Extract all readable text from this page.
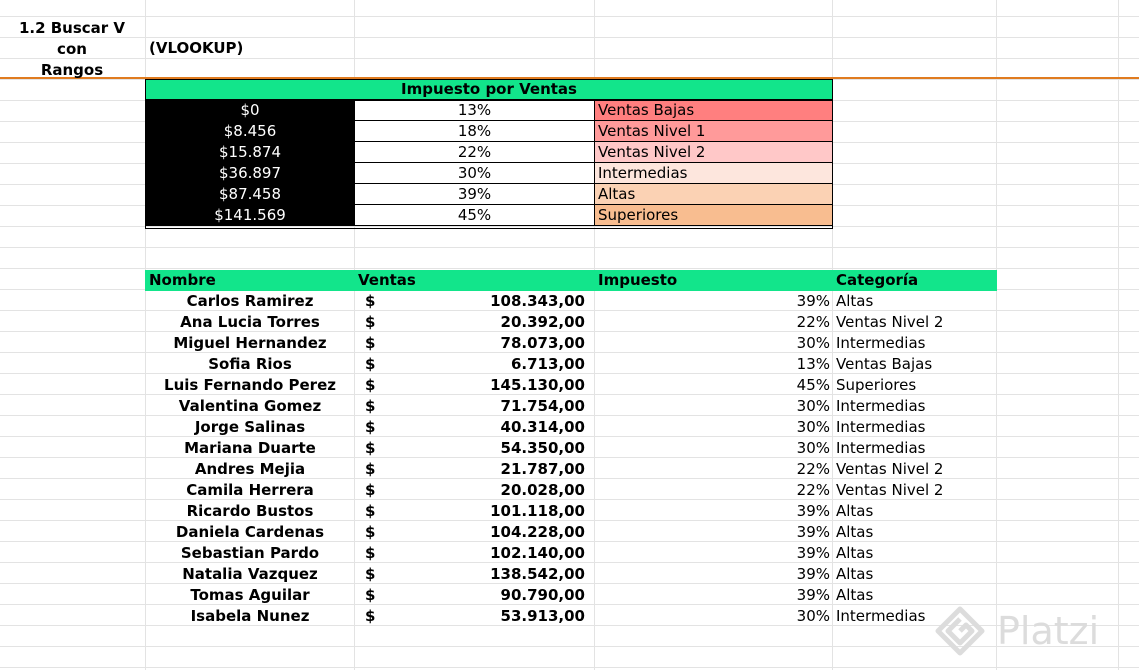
1.2 Buscar V con
Rangos
(VLOOKUP)
Impuesto por Ventas
$0	13%	Ventas Bajas
$8.456	18%	Ventas Nivel 1
$15.874	22%	Ventas Nivel 2
$36.897	30%	Intermedias
$87.458	39%	Altas
$141.569	45%	Superiores
Nombre	Ventas	Impuesto	Categoría
Carlos Ramirez	$	108.343,00	39% Altas
Ana Lucia Torres	$	20.392,00	22% Ventas Nivel 2
Miguel Hernandez	$	78.073,00	30% Intermedias
Sofia Rios	$	6.713,00	13% Ventas Bajas
Luis Fernando Perez	$	145.130,00	45% Superiores
Valentina Gomez	$	71.754,00	30% Intermedias
Jorge Salinas	$	40.314,00	30% Intermedias
Mariana Duarte	$	54.350,00	30% Intermedias
Andres Mejia	$	21.787,00	22% Ventas Nivel 2
Camila Herrera	$	20.028,00	22% Ventas Nivel 2
Ricardo Bustos	$	101.118,00	39% Altas
Daniela Cardenas	$	104.228,00	39% Altas
Sebastian Pardo	$	102.140,00	39% Altas
Natalia Vazquez	$	138.542,00	39% Altas
Tomas Aguilar	$	90.790,00	39% Altas
Isabela Nunez	$	53.913,00	30% Intermedias Platzi
